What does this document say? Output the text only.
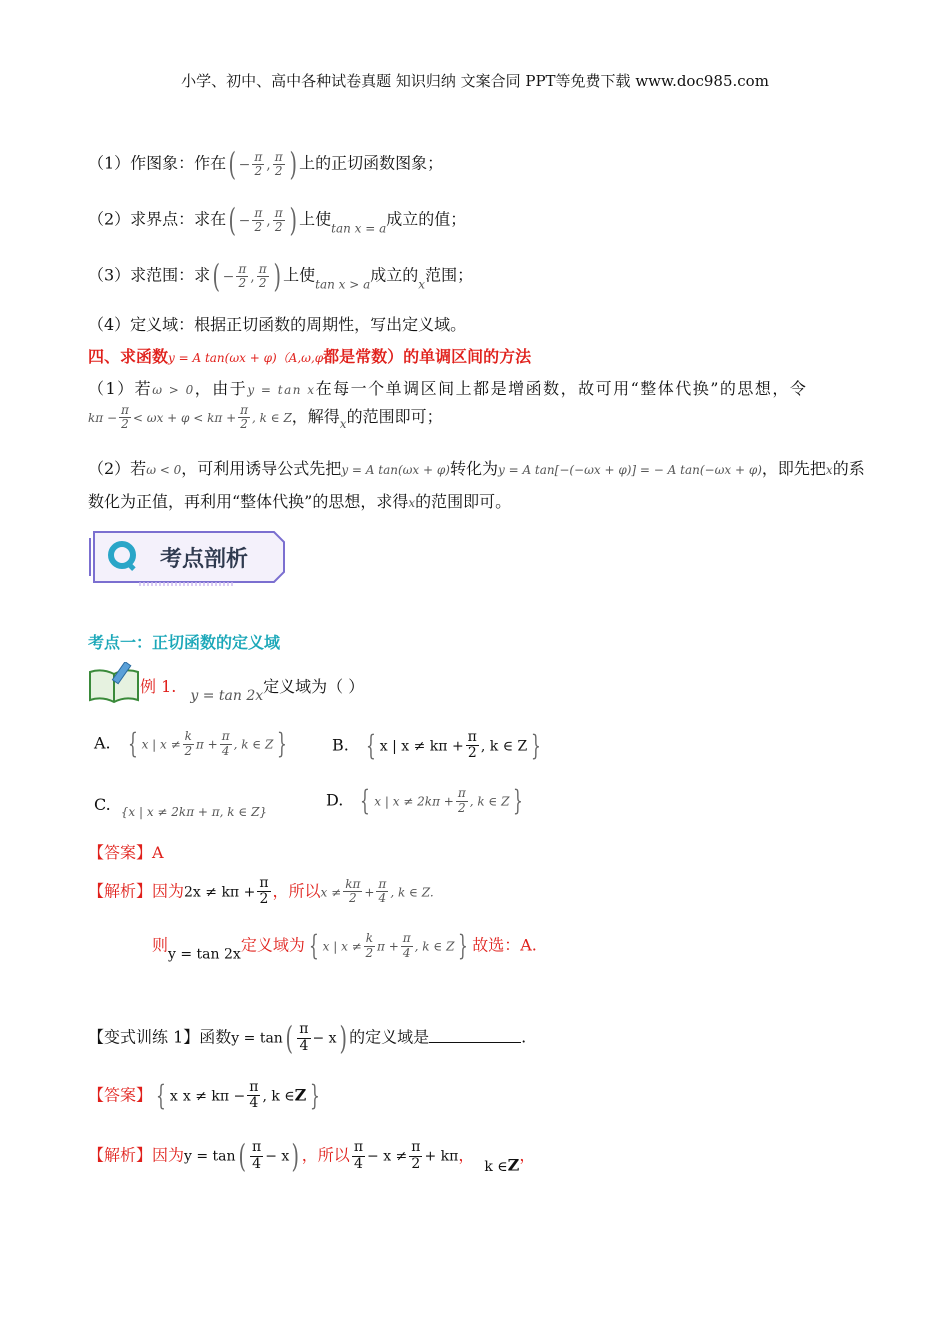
小学、初中、高中各种试卷真题 知识归纳 文案合同 PPT等免费下载 www.doc985.com
（1）作图象：作在( − $\frac{\pi}{2}$ , $\frac{\pi}{2}$ ) 上的正切函数图象；
（2）求界点：求在( − $\frac{\pi}{2}$ , $\frac{\pi}{2}$ ) 上使$_{tan x = a}$成立的值；
（3）求范围：求( − $\frac{\pi}{2}$ , $\frac{\pi}{2}$ ) 上使$_{tan x > a}$成立的$_x$范围；
（4）定义域：根据正切函数的周期性，写出定义域。
四、求函数y = A tan(ωx + φ)（A,ω,φ都是常数）的单调区间的方法
（1）若ω > 0，由于y = tan x在每一个单调区间上都是增函数，故可用“整体代换”的思想，令
$k\pi - \frac{\pi}{2} < \omega x + \varphi < k\pi + \frac{\pi}{2}$ , k ∈ Z，解得$_x$的范围即可；
（2）若ω < 0，可利用诱导公式先把y = A tan(ωx + φ)转化为y = A tan[−(−ωx + φ)] = − A tan(−ωx + φ)，即先把x的系
数化为正值，再利用“整体代换”的思想，求得x的范围即可。
考点剖析
考点一：正切函数的定义域
例 1. y = tan 2x定义域为（ ）
A. { x | $x \ne \frac{k}{2}$ $\pi + \frac{\pi}{4}$ , k ∈ Z }	B. { x | $x \ne k\pi + \frac{\pi}{2}$ , k ∈ Z }
C. $_{\{x | x \ne 2k\pi + \pi, k \in Z\}}$
D. { x | $x \ne 2k\pi + \frac{\pi}{2}$ , k ∈ Z }
【答案】A
【解析】因为$2x \ne k\pi + \frac{\pi}{2}$ ，所以$x \ne \frac{k\pi}{2} + \frac{\pi}{4}$ , k ∈ Z.
则y = tan 2x定义域为 { x | $x \ne \frac{k}{2}$ $\pi + \frac{\pi}{4}$ , k ∈ Z } 故选：A.
【变式训练 1】函数$y = \tan( \frac{\pi}{4} - x)$ 的定义域是	.
【答案】 { x $x \ne k\pi - \frac{\pi}{4}$ , k ∈Z }
【解析】因为$y = \tan( \frac{\pi}{4} - x)$ ，所以 $\frac{\pi}{4} - x \ne \frac{\pi}{2} + k\pi$，k ∈Z，
